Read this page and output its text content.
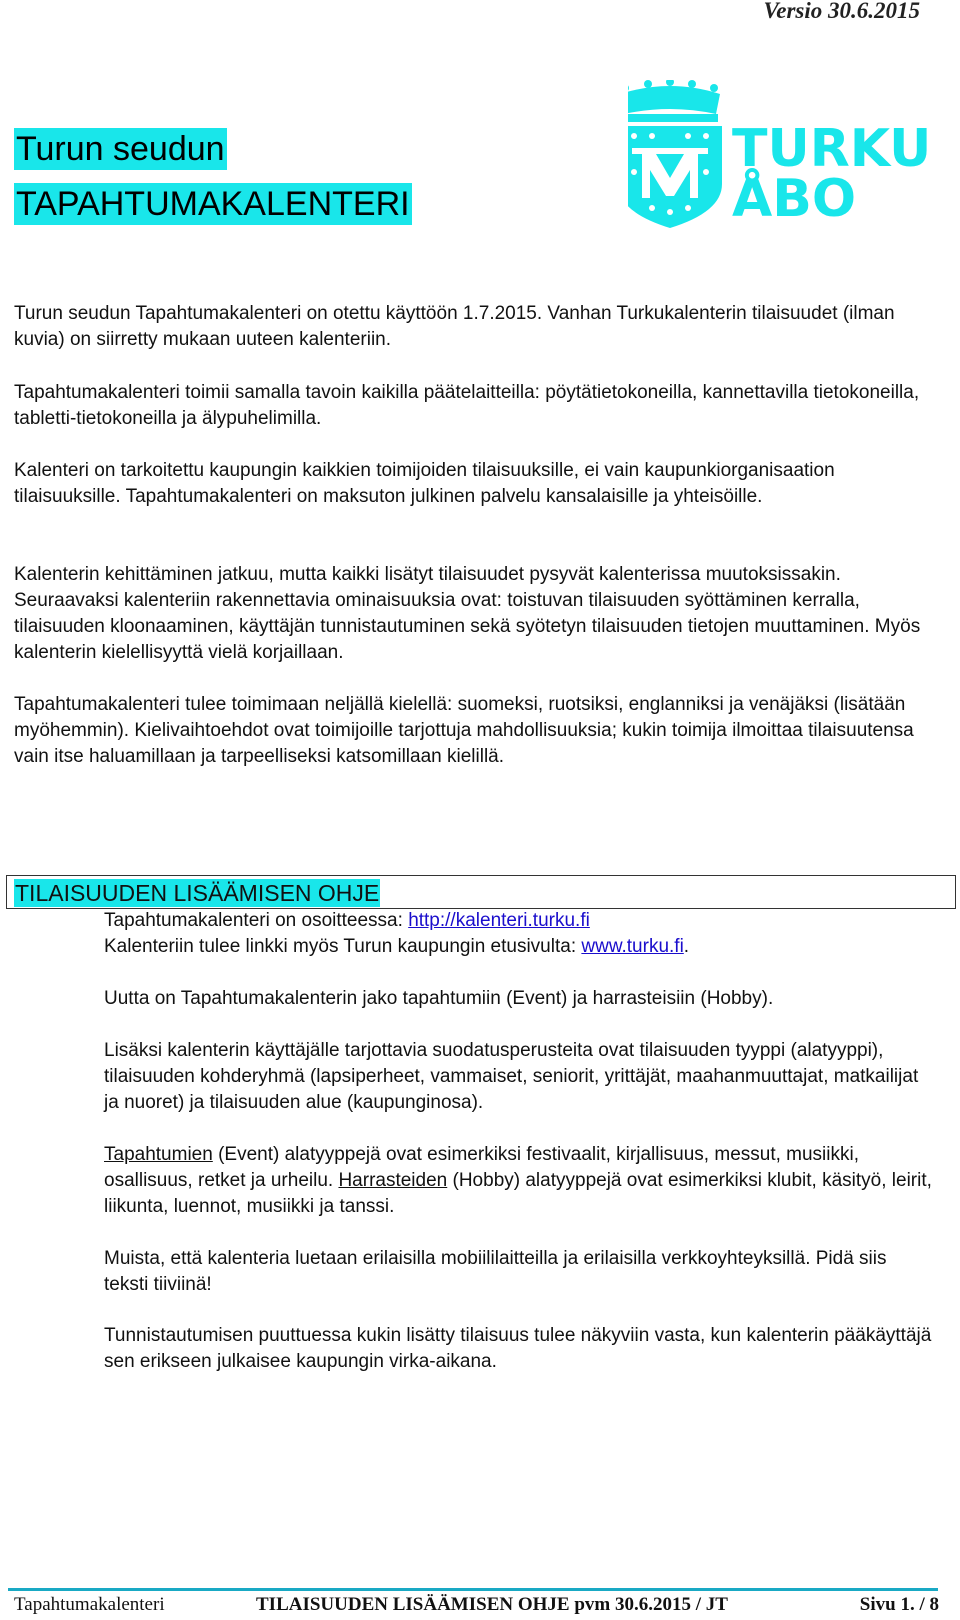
Versio 30.6.2015
Turun seudun
TAPAHTUMAKALENTERI
TURKU
ÅBO

Turun seudun Tapahtumakalenteri on otettu käyttöön 1.7.2015. Vanhan Turkukalenterin tilaisuudet (ilman kuvia) on siirretty mukaan uuteen kalenteriin.

Tapahtumakalenteri toimii samalla tavoin kaikilla päätelaitteilla: pöytätietokoneilla, kannettavilla tietokoneilla, tabletti-tietokoneilla ja älypuhelimilla.

Kalenteri on tarkoitettu kaupungin kaikkien toimijoiden tilaisuuksille, ei vain kaupunkiorganisaation tilaisuuksille. Tapahtumakalenteri on maksuton julkinen palvelu kansalaisille ja yhteisöille.

Kalenterin kehittäminen jatkuu, mutta kaikki lisätyt tilaisuudet pysyvät kalenterissa muutoksissakin. Seuraavaksi kalenteriin rakennettavia ominaisuuksia ovat: toistuvan tilaisuuden syöttäminen kerralla, tilaisuuden kloonaaminen, käyttäjän tunnistautuminen sekä syötetyn tilaisuuden tietojen muuttaminen. Myös kalenterin kielellisyyttä vielä korjaillaan.

Tapahtumakalenteri tulee toimimaan neljällä kielellä: suomeksi, ruotsiksi, englanniksi ja venäjäksi (lisätään myöhemmin). Kielivaihtoehdot ovat toimijoille tarjottuja mahdollisuuksia; kukin toimija ilmoittaa tilaisuutensa vain itse haluamillaan ja tarpeelliseksi katsomillaan kielillä.

TILAISUUDEN LISÄÄMISEN OHJE

Tapahtumakalenteri on osoitteessa: http://kalenteri.turku.fi

Kalenteriin tulee linkki myös Turun kaupungin etusivulta: www.turku.fi.

Uutta on Tapahtumakalenterin jako tapahtumiin (Event) ja harrasteisiin (Hobby).

Lisäksi kalenterin käyttäjälle tarjottavia suodatusperusteita ovat tilaisuuden tyyppi (alatyyppi), tilaisuuden kohderyhmä (lapsiperheet, vammaiset, seniorit, yrittäjät, maahanmuuttajat, matkailijat ja nuoret) ja tilaisuuden alue (kaupunginosa).

Tapahtumien (Event) alatyyppejä ovat esimerkiksi festivaalit, kirjallisuus, messut, musiikki, osallisuus, retket ja urheilu. Harrasteiden (Hobby) alatyyppejä ovat esimerkiksi klubit, käsityö, leirit, liikunta, luennot, musiikki ja tanssi.

Muista, että kalenteria luetaan erilaisilla mobiililaitteilla ja erilaisilla verkkoyhteyksillä. Pidä siis teksti tiiviinä!

Tunnistautumisen puuttuessa kukin lisätty tilaisuus tulee näkyviin vasta, kun kalenterin pääkäyttäjä sen erikseen julkaisee kaupungin virka-aikana.

Tapahtumakalenteri	TILAISUUDEN LISÄÄMISEN OHJE pvm 30.6.2015 / JT	Sivu 1. / 8
